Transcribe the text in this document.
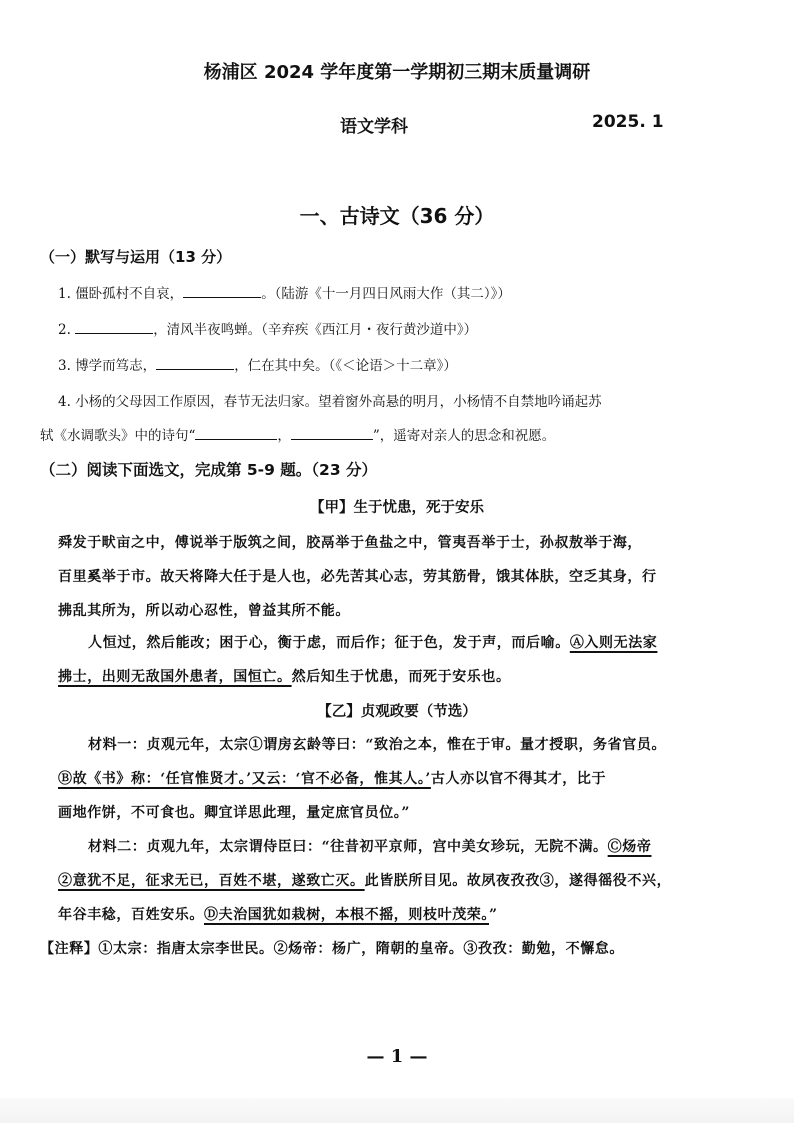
杨浦区 2024 学年度第一学期初三期末质量调研
语文学科	2025. 1
一、古诗文（36 分）
（一）默写与运用（13 分）
1. 僵卧孤村不自哀，	。（陆游《十一月四日风雨大作（其二）》）
2.	，清风半夜鸣蝉。（辛弃疾《西江月・夜行黄沙道中》）
3. 博学而笃志，	，仁在其中矣。（《＜论语＞十二章》）
4. 小杨的父母因工作原因，春节无法归家。望着窗外高悬的明月，小杨情不自禁地吟诵起苏
轼《水调歌头》中的诗句“	，	”，遥寄对亲人的思念和祝愿。
（二）阅读下面选文，完成第 5-9 题。（23 分）
【甲】生于忧患，死于安乐
舜发于畎亩之中，傅说举于版筑之间，胶鬲举于鱼盐之中，管夷吾举于士，孙叔敖举于海，
百里奚举于市。故天将降大任于是人也，必先苦其心志，劳其筋骨，饿其体肤，空乏其身，行
拂乱其所为，所以动心忍性，曾益其所不能。
人恒过，然后能改；困于心，衡于虑，而后作；征于色，发于声，而后喻。Ⓐ入则无法家
拂士，出则无敌国外患者，国恒亡。然后知生于忧患，而死于安乐也。
【乙】贞观政要（节选）
材料一：贞观元年，太宗①谓房玄龄等曰：“致治之本，惟在于审。量才授职，务省官员。
Ⓑ故《书》称：‘任官惟贤才。’又云：‘官不必备，惟其人。’古人亦以官不得其才，比于
画地作饼，不可食也。卿宜详思此理，量定庶官员位。”
材料二：贞观九年，太宗谓侍臣曰：“往昔初平京师，宫中美女珍玩，无院不满。Ⓒ炀帝
②意犹不足，征求无已，百姓不堪，遂致亡灭。此皆朕所目见。故夙夜孜孜③，遂得徭役不兴，
年谷丰稔，百姓安乐。Ⓓ夫治国犹如栽树，本根不摇，则枝叶茂荣。”
【注释】①太宗：指唐太宗李世民。②炀帝：杨广，隋朝的皇帝。③孜孜：勤勉，不懈怠。
— 1 —
